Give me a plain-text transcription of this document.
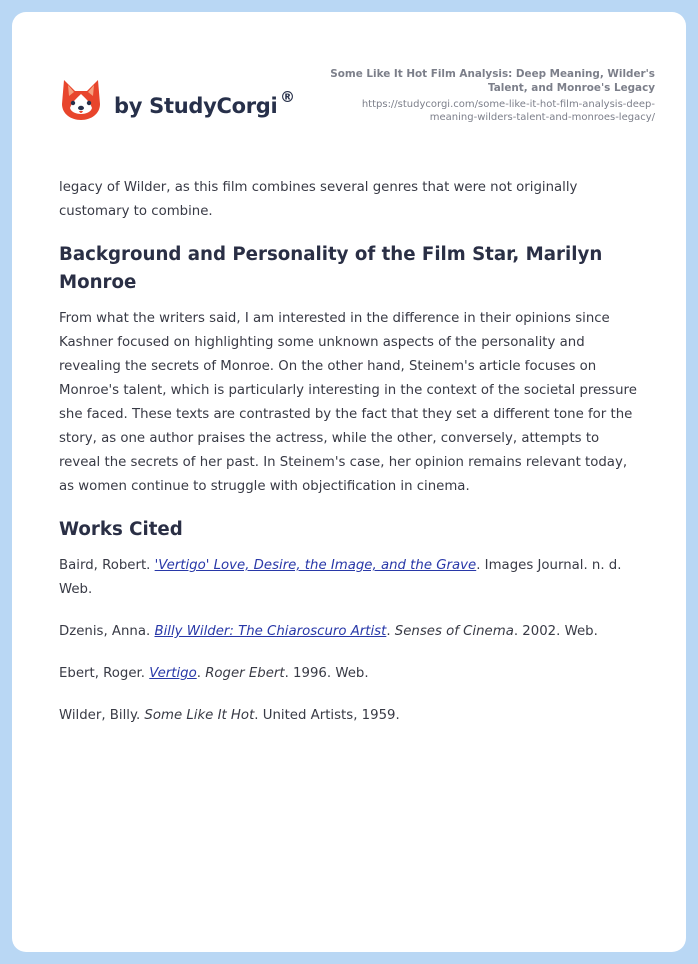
by StudyCorgi ®
Some Like It Hot Film Analysis: Deep Meaning, Wilder's Talent, and Monroe's Legacy
https://studycorgi.com/some-like-it-hot-film-analysis-deep-meaning-wilders-talent-and-monroes-legacy/

legacy of Wilder, as this film combines several genres that were not originally customary to combine.

Background and Personality of the Film Star, Marilyn Monroe

From what the writers said, I am interested in the difference in their opinions since Kashner focused on highlighting some unknown aspects of the personality and revealing the secrets of Monroe. On the other hand, Steinem's article focuses on Monroe's talent, which is particularly interesting in the context of the societal pressure she faced. These texts are contrasted by the fact that they set a different tone for the story, as one author praises the actress, while the other, conversely, attempts to reveal the secrets of her past. In Steinem's case, her opinion remains relevant today, as women continue to struggle with objectification in cinema.

Works Cited

Baird, Robert. 'Vertigo' Love, Desire, the Image, and the Grave. Images Journal. n. d. Web.

Dzenis, Anna. Billy Wilder: The Chiaroscuro Artist. Senses of Cinema. 2002. Web.

Ebert, Roger. Vertigo. Roger Ebert. 1996. Web.

Wilder, Billy. Some Like It Hot. United Artists, 1959.
